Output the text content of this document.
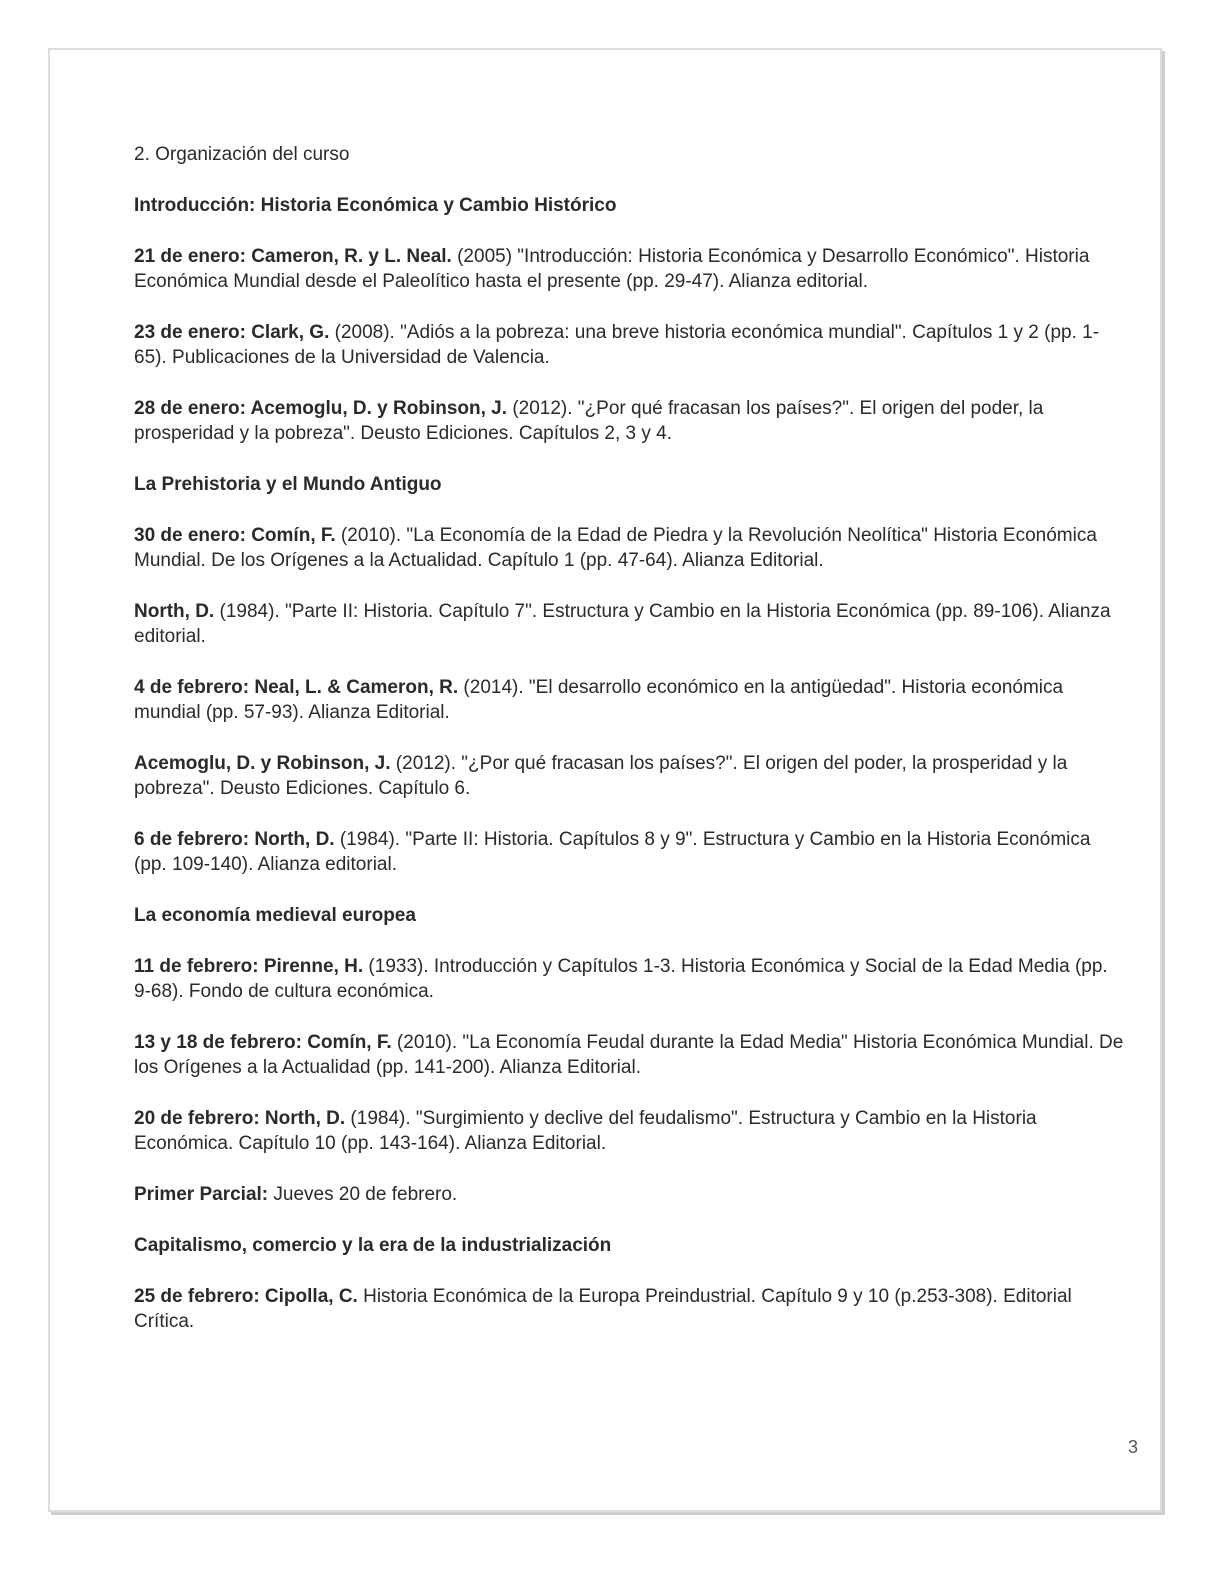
2. Organización del curso

Introducción: Historia Económica y Cambio Histórico

21 de enero: Cameron, R. y L. Neal. (2005) "Introducción: Historia Económica y Desarrollo Económico". Historia Económica Mundial desde el Paleolítico hasta el presente (pp. 29-47). Alianza editorial.

23 de enero: Clark, G. (2008). "Adiós a la pobreza: una breve historia económica mundial". Capítulos 1 y 2 (pp. 1-65). Publicaciones de la Universidad de Valencia.

28 de enero: Acemoglu, D. y Robinson, J. (2012). "¿Por qué fracasan los países?". El origen del poder, la prosperidad y la pobreza". Deusto Ediciones. Capítulos 2, 3 y 4.

La Prehistoria y el Mundo Antiguo

30 de enero: Comín, F. (2010). "La Economía de la Edad de Piedra y la Revolución Neolítica" Historia Económica Mundial. De los Orígenes a la Actualidad. Capítulo 1 (pp. 47-64). Alianza Editorial.

North, D. (1984). "Parte II: Historia. Capítulo 7". Estructura y Cambio en la Historia Económica (pp. 89-106). Alianza editorial.

4 de febrero: Neal, L. & Cameron, R. (2014). "El desarrollo económico en la antigüedad". Historia económica mundial (pp. 57-93). Alianza Editorial.

Acemoglu, D. y Robinson, J. (2012). "¿Por qué fracasan los países?". El origen del poder, la prosperidad y la pobreza". Deusto Ediciones. Capítulo 6.

6 de febrero: North, D. (1984). "Parte II: Historia. Capítulos 8 y 9". Estructura y Cambio en la Historia Económica (pp. 109-140). Alianza editorial.

La economía medieval europea

11 de febrero: Pirenne, H. (1933). Introducción y Capítulos 1-3. Historia Económica y Social de la Edad Media (pp. 9-68). Fondo de cultura económica.

13 y 18 de febrero: Comín, F. (2010). "La Economía Feudal durante la Edad Media" Historia Económica Mundial. De los Orígenes a la Actualidad (pp. 141-200). Alianza Editorial.

20 de febrero: North, D. (1984). "Surgimiento y declive del feudalismo". Estructura y Cambio en la Historia Económica. Capítulo 10 (pp. 143-164). Alianza Editorial.

Primer Parcial: Jueves 20 de febrero.

Capitalismo, comercio y la era de la industrialización

25 de febrero: Cipolla, C. Historia Económica de la Europa Preindustrial. Capítulo 9 y 10 (p.253-308). Editorial Crítica.

3
